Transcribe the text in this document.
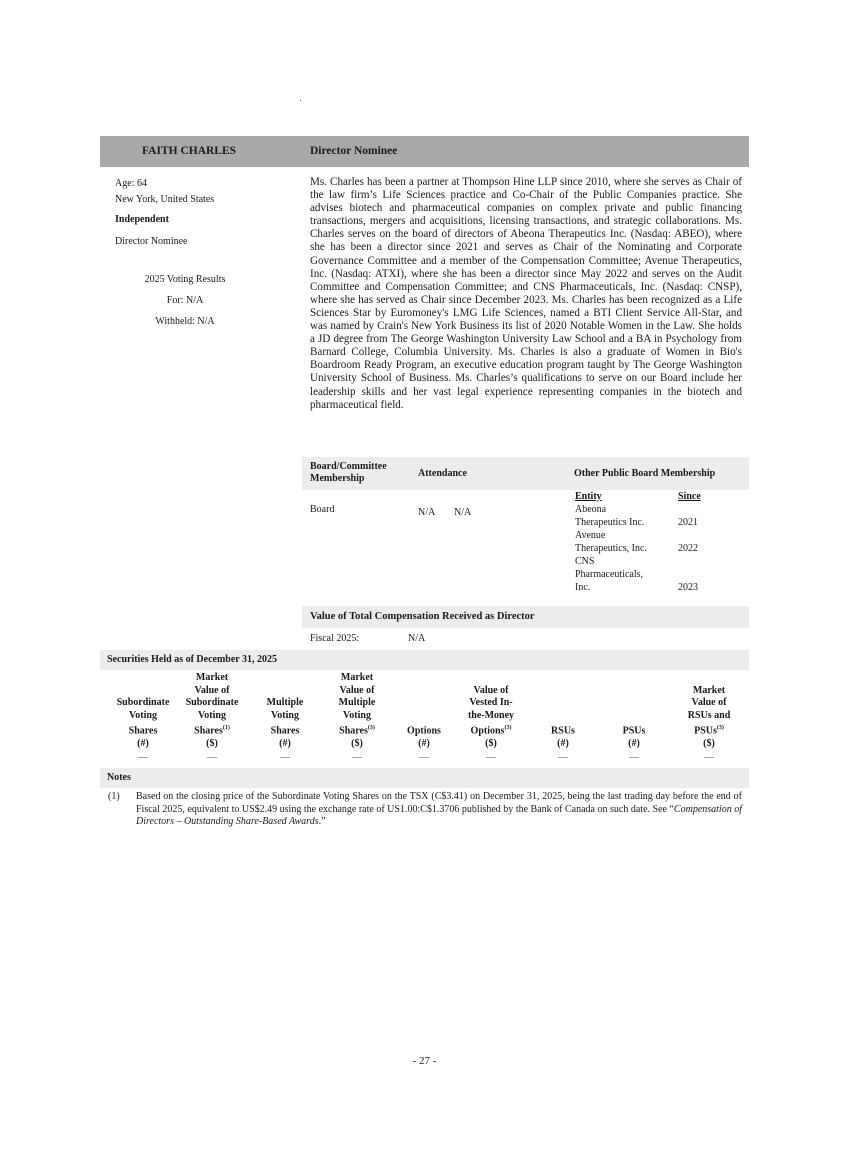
FAITH CHARLES	Director Nominee
Age: 64
New York, United States
Independent
Director Nominee
2025 Voting Results
For: N/A
Withheld: N/A

Ms. Charles has been a partner at Thompson Hine LLP since 2010, where she serves as Chair of the law firm’s Life Sciences practice and Co-Chair of the Public Companies practice. She advises biotech and pharmaceutical companies on complex private and public financing transactions, mergers and acquisitions, licensing transactions, and strategic collaborations. Ms. Charles serves on the board of directors of Abeona Therapeutics Inc. (Nasdaq: ABEO), where she has been a director since 2021 and serves as Chair of the Nominating and Corporate Governance Committee and a member of the Compensation Committee; Avenue Therapeutics, Inc. (Nasdaq: ATXI), where she has been a director since May 2022 and serves on the Audit Committee and Compensation Committee; and CNS Pharmaceuticals, Inc. (Nasdaq: CNSP), where she has served as Chair since December 2023. Ms. Charles has been recognized as a Life Sciences Star by Euromoney's LMG Life Sciences, named a BTI Client Service All-Star, and was named by Crain's New York Business its list of 2020 Notable Women in the Law. She holds a JD degree from The George Washington University Law School and a BA in Psychology from Barnard College, Columbia University. Ms. Charles is also a graduate of Women in Bio's Boardroom Ready Program, an executive education program taught by The George Washington University School of Business. Ms. Charles’s qualifications to serve on our Board include her leadership skills and her vast legal experience representing companies in the biotech and pharmaceutical field.

Board/Committee Membership	Attendance	Other Public Board Membership
Board	N/A N/A
Entity	Since
Abeona
Therapeutics Inc.	2021
Avenue
Therapeutics, Inc.	2022
CNS
Pharmaceuticals,
Inc.	2023
Value of Total Compensation Received as Director
Fiscal 2025:	N/A
Securities Held as of December 31, 2025

Subordinate
Voting
Shares
(#)
Market
Value of
Subordinate
Voting
Shares$^{(1)}$
($)

Multiple
Voting
Shares
(#)
Market
Value of
Multiple
Voting
Shares$^{(3)}$
($)

Options
(#)

Value of
Vested In-
the-Money
Options$^{(3)}$
($)

RSUs
(#)

PSUs
(#)

Market
Value of
RSUs and
PSUs$^{(3)}$
($)
—	—	—	—	—	—	—	—	—
Notes
(1) Based on the closing price of the Subordinate Voting Shares on the TSX (C$3.41) on December 31, 2025, being the last trading day before the end of Fiscal 2025, equivalent to US$2.49 using the exchange rate of US1.00:C$1.3706 published by the Bank of Canada on such date. See “Compensation of Directors – Outstanding Share-Based Awards.”

- 27 -
